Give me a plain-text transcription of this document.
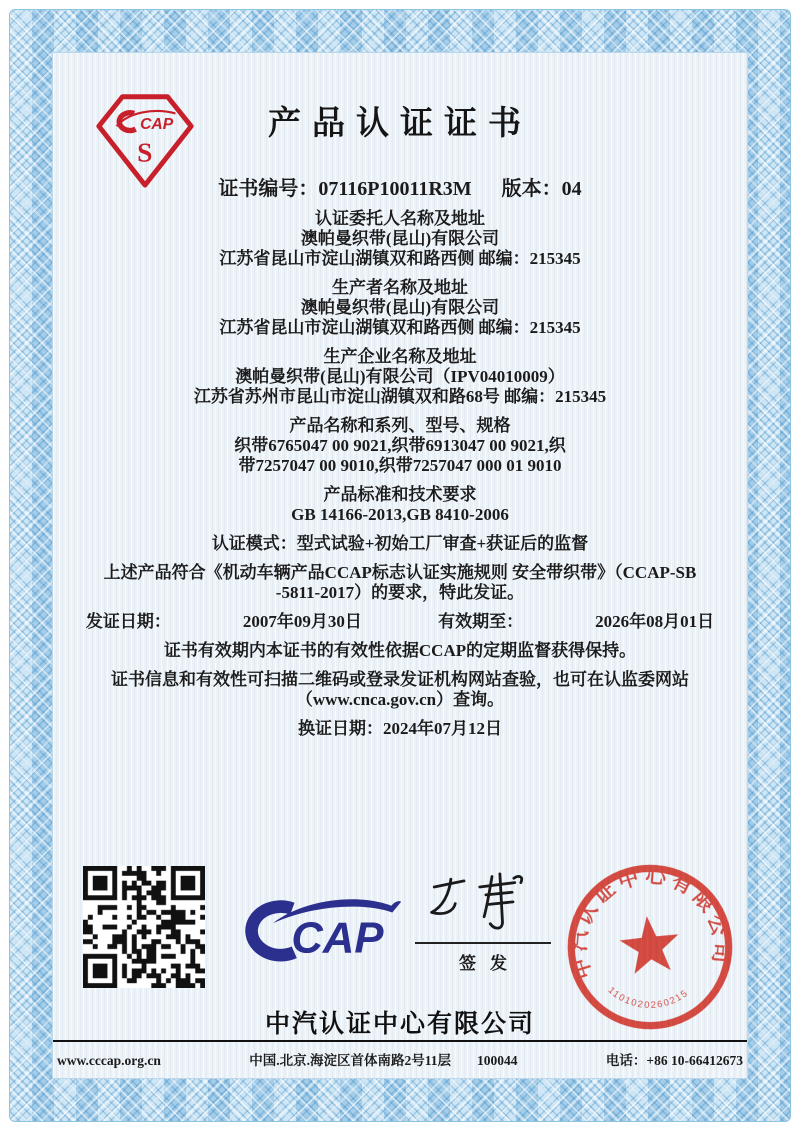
CAP
S
产品认证证书
证书编号：07116P10011R3M 版本：04
认证委托人名称及地址
澳帕曼织带(昆山)有限公司
江苏省昆山市淀山湖镇双和路西侧 邮编：215345
生产者名称及地址
澳帕曼织带(昆山)有限公司
江苏省昆山市淀山湖镇双和路西侧 邮编：215345
生产企业名称及地址
澳帕曼织带(昆山)有限公司（IPV04010009）
江苏省苏州市昆山市淀山湖镇双和路68号 邮编：215345
产品名称和系列、型号、规格
织带6765047 00 9021,织带6913047 00 9021,织
带7257047 00 9010,织带7257047 000 01 9010
产品标准和技术要求
GB 14166-2013,GB 8410-2006
认证模式：型式试验+初始工厂审查+获证后的监督
上述产品符合《机动车辆产品CCAP标志认证实施规则 安全带织带》（CCAP-SB
-5811-2017）的要求，特此发证。
发证日期：	2007年09月30日	有效期至：	2026年08月01日
证书有效期内本证书的有效性依据CCAP的定期监督获得保持。
证书信息和有效性可扫描二维码或登录发证机构网站查验，也可在认监委网站
（www.cnca.gov.cn）查询。
换证日期：2024年07月12日
CAP
签发	中汽认证中心有限公司
1101020260215
中汽认证中心有限公司
www.cccap.org.cn	中国.北京.海淀区首体南路2号11层 100044	电话：+86 10-66412673
